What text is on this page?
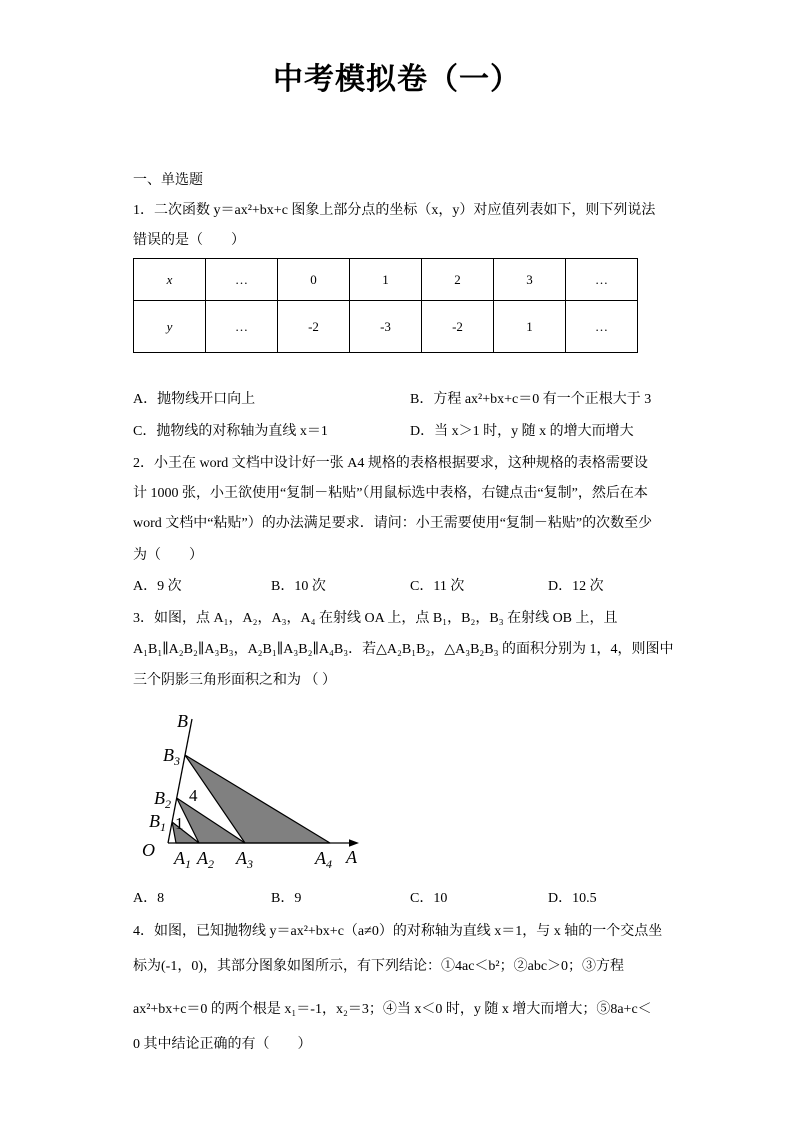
中考模拟卷（一）
一、单选题
1．二次函数 y＝ax²+bx+c 图象上部分点的坐标（x，y）对应值列表如下，则下列说法
错误的是（　　）
x	…	0	1	2	3	…
y	…	-2	-3	-2	1	…
A．抛物线开口向上	B．方程 ax²+bx+c＝0 有一个正根大于 3
C．抛物线的对称轴为直线 x＝1	D．当 x＞1 时，y 随 x 的增大而增大
2．小王在 word 文档中设计好一张 A4 规格的表格根据要求，这种规格的表格需要设
计 1000 张，小王欲使用“复制－粘贴”（用鼠标选中表格，右键点击“复制”，然后在本
word 文档中“粘贴”）的办法满足要求．请问：小王需要使用“复制－粘贴”的次数至少
为（　　）
A．9 次	B．10 次	C．11 次	D．12 次
3．如图，点 A₁，A₂，A₃，A₄ 在射线 OA 上，点 B₁，B₂，B₃ 在射线 OB 上，且
A₁B₁∥A₂B₂∥A₃B₃，A₂B₁∥A₃B₂∥A₄B₃．若△A₂B₁B₂，△A₃B₂B₃ 的面积分别为 1，4，则图中
三个阴影三角形面积之和为 （ ）
B
$B_3$
$B_2$
$B_1$
O $A_1$ $A_2$ $A_3$	$A_4$ A
1
4
A．8	B．9	C．10	D．10.5
4．如图，已知抛物线 y＝ax²+bx+c（a≠0）的对称轴为直线 x＝1，与 x 轴的一个交点坐
标为(-1，0)，其部分图象如图所示，有下列结论：①4ac＜b²；②abc＞0；③方程
ax²+bx+c＝0 的两个根是 x₁＝-1，x₂＝3；④当 x＜0 时，y 随 x 增大而增大；⑤8a+c＜
0 其中结论正确的有（　　）
